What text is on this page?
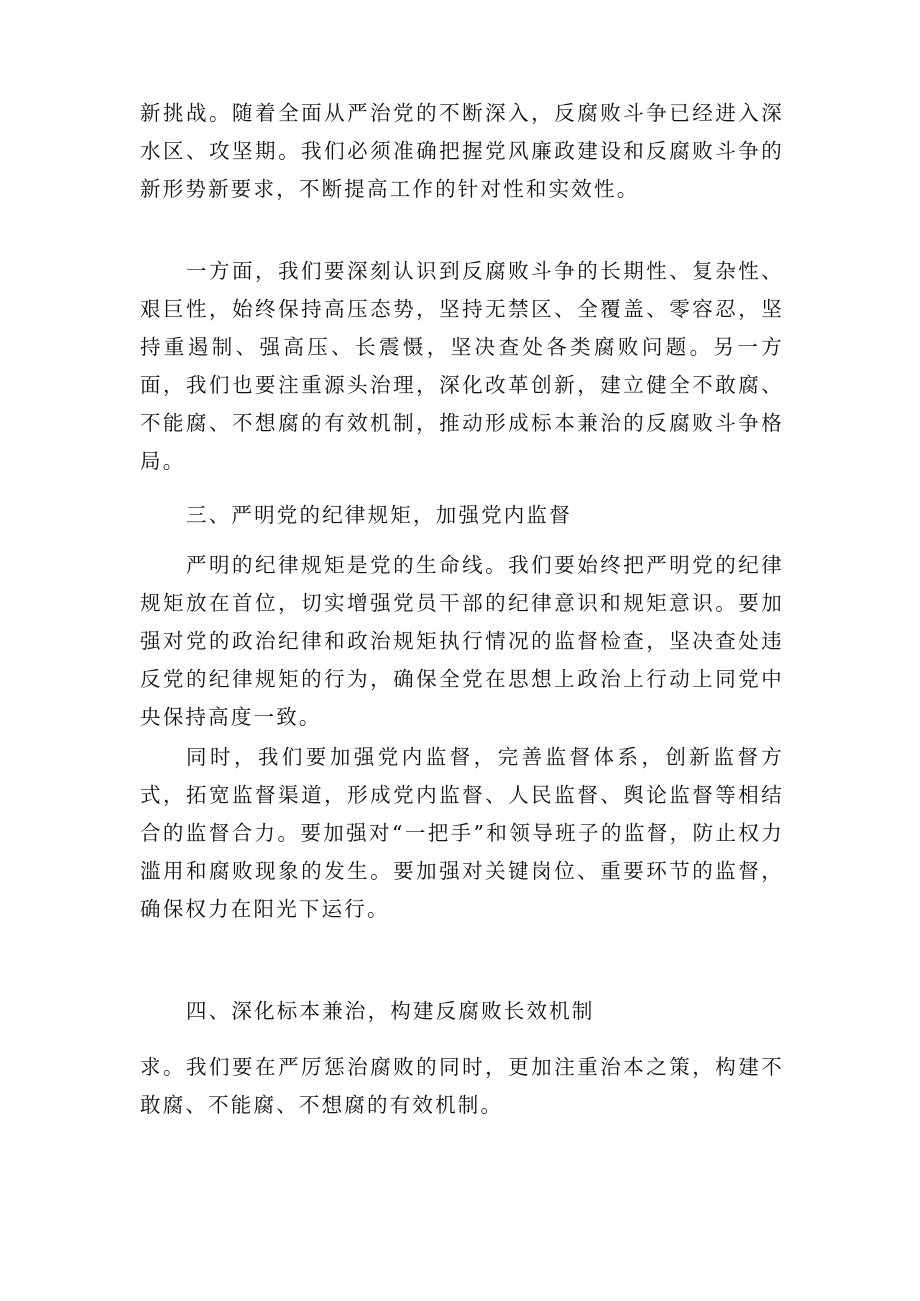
新挑战。随着全面从严治党的不断深入，反腐败斗争已经进入深水区、攻坚期。我们必须准确把握党风廉政建设和反腐败斗争的新形势新要求，不断提高工作的针对性和实效性。

一方面，我们要深刻认识到反腐败斗争的长期性、复杂性、艰巨性，始终保持高压态势，坚持无禁区、全覆盖、零容忍，坚持重遏制、强高压、长震慑，坚决查处各类腐败问题。另一方面，我们也要注重源头治理，深化改革创新，建立健全不敢腐、不能腐、不想腐的有效机制，推动形成标本兼治的反腐败斗争格局。

三、严明党的纪律规矩，加强党内监督

严明的纪律规矩是党的生命线。我们要始终把严明党的纪律规矩放在首位，切实增强党员干部的纪律意识和规矩意识。要加强对党的政治纪律和政治规矩执行情况的监督检查，坚决查处违反党的纪律规矩的行为，确保全党在思想上政治上行动上同党中央保持高度一致。

同时，我们要加强党内监督，完善监督体系，创新监督方式，拓宽监督渠道，形成党内监督、人民监督、舆论监督等相结合的监督合力。要加强对“一把手”和领导班子的监督，防止权力滥用和腐败现象的发生。要加强对关键岗位、重要环节的监督，确保权力在阳光下运行。

四、深化标本兼治，构建反腐败长效机制

求。我们要在严厉惩治腐败的同时，更加注重治本之策，构建不敢腐、不能腐、不想腐的有效机制。
